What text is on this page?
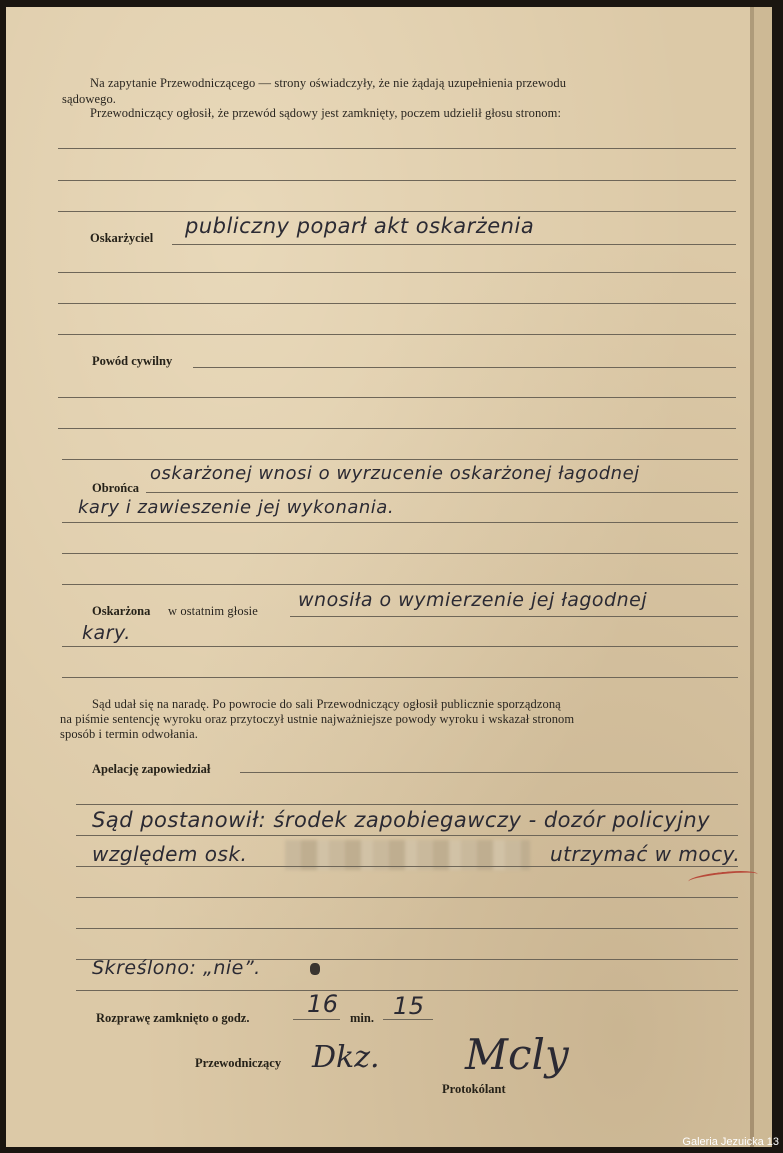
Na zapytanie Przewodniczącego — strony oświadczyły, że nie żądają uzupełnienia przewodu
sądowego.
Przewodniczący ogłosił, że przewód sądowy jest zamknięty, poczem udzielił głosu stronom:
Oskarżyciel publiczny poparł akt oskarżenia
Powód cywilny
Obrońca
oskarżonej wnosi o wyrzucenie oskarżonej łagodnej
kary i zawieszenie jej wykonania.
Oskarżona w ostatnim głosie wnosiła o wymierzenie jej łagodnej
kary.
Sąd udał się na naradę. Po powrocie do sali Przewodniczący ogłosił publicznie sporządzoną
na piśmie sentencję wyroku oraz przytoczył ustnie najważniejsze powody wyroku i wskazał stronom
sposób i termin odwołania.
Apelację zapowiedział
Sąd postanowił: środek zapobiegawczy - dozór policyjny
względem osk.	utrzymać w mocy.
Skreślono: „nie”.
Rozprawę zamknięto o godz. 16 min. 15
Przewodniczący Dkz.
Protokólant
Mcly
Galeria Jezuicka 13
